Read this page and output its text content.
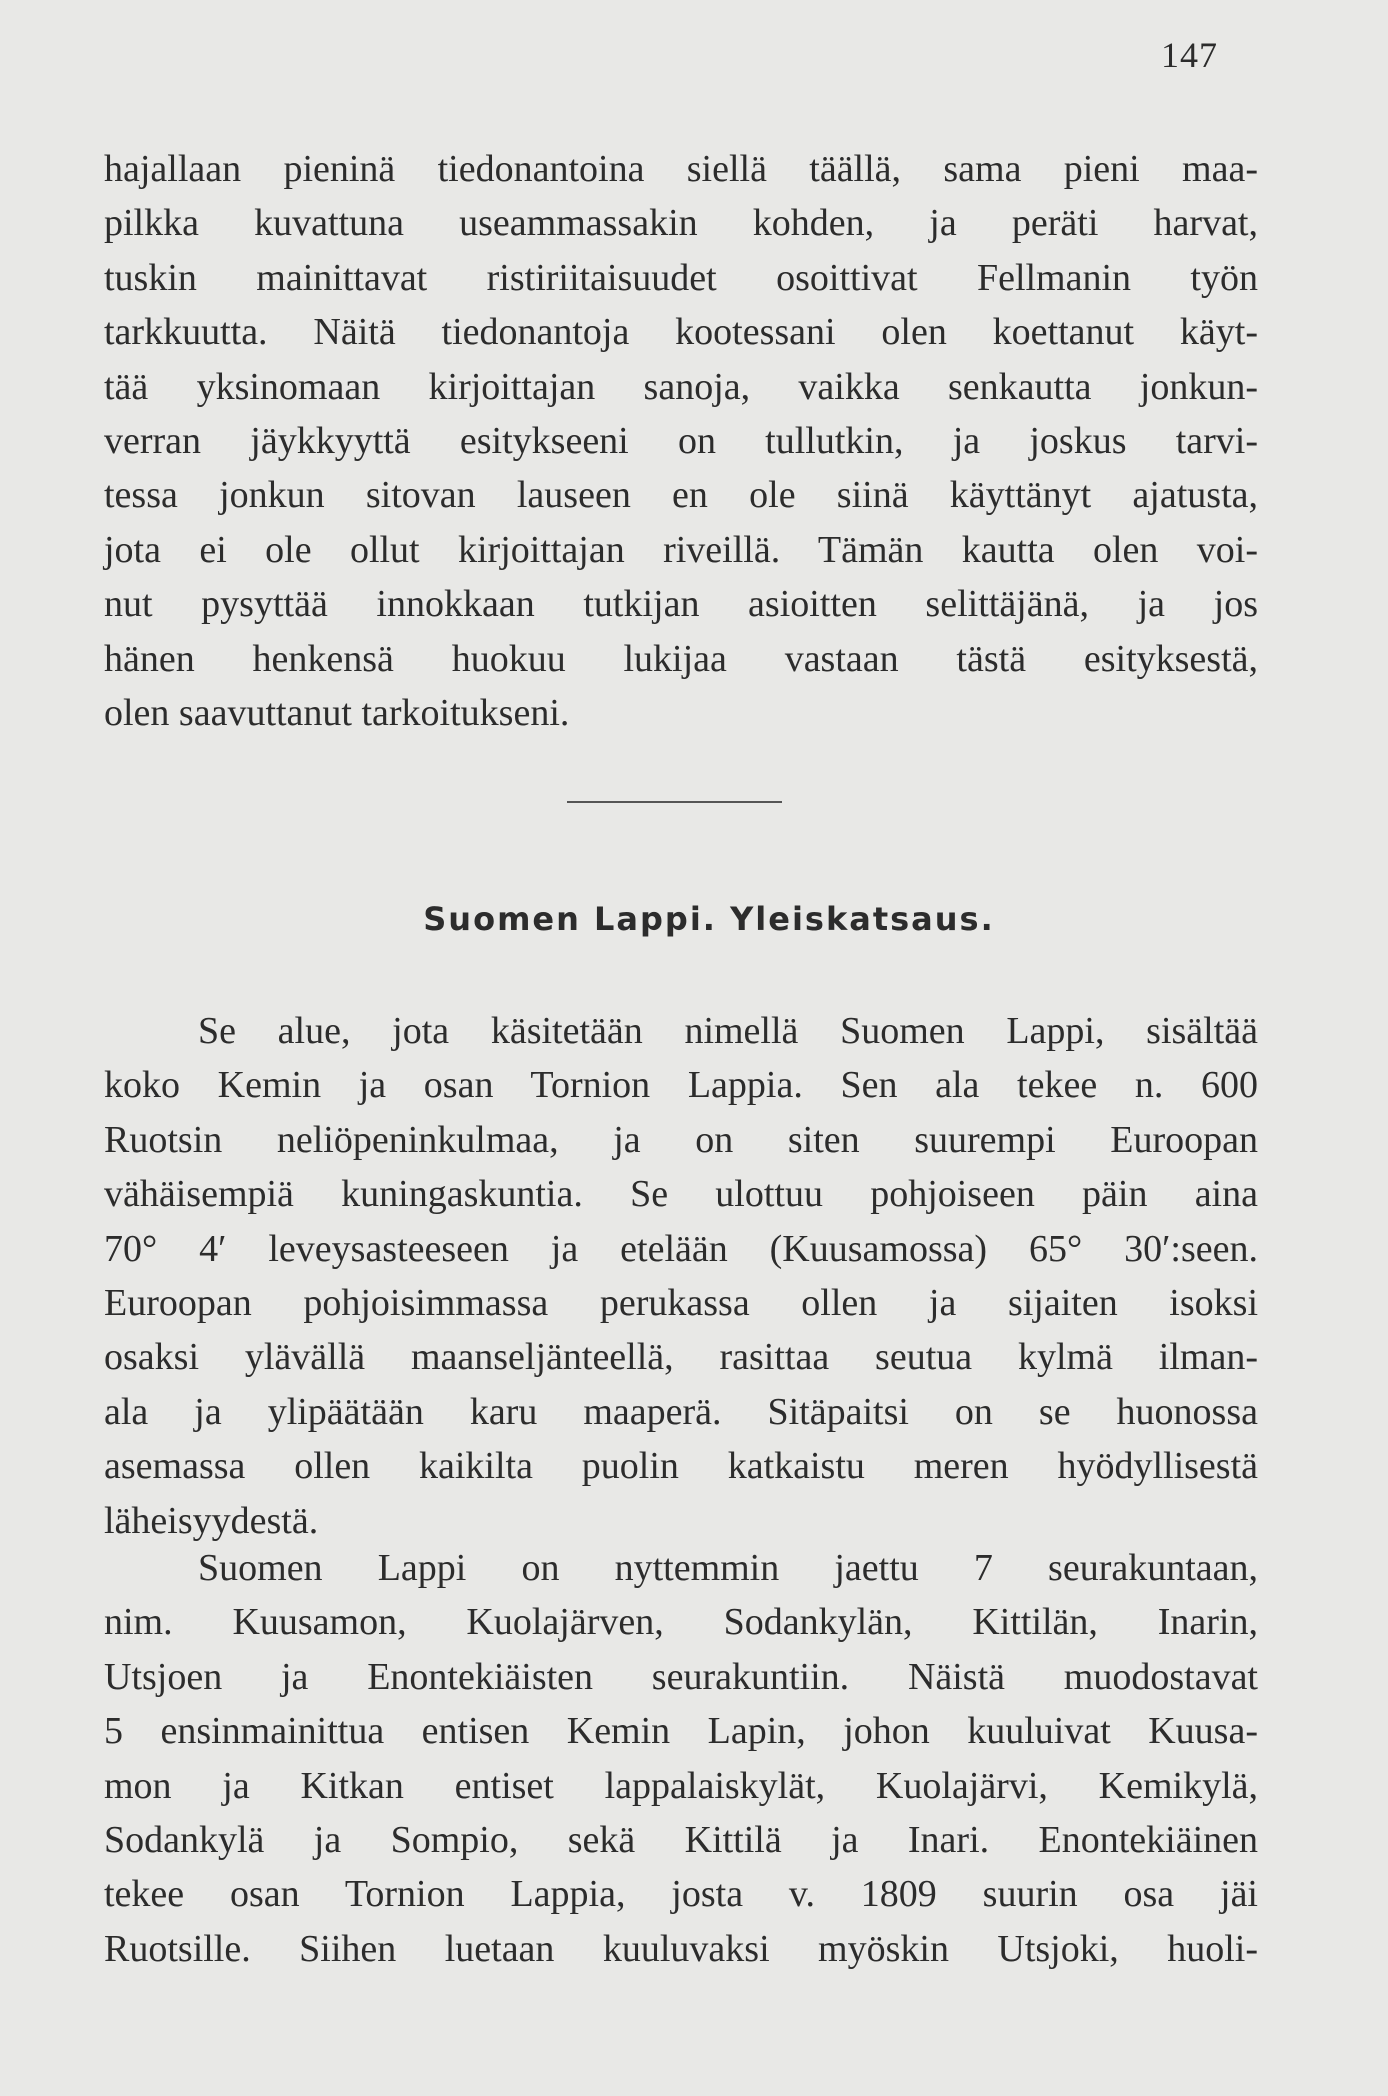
147
hajallaan pieninä tiedonantoina siellä täällä, sama pieni maa-
pilkka kuvattuna useammassakin kohden, ja peräti harvat,
tuskin mainittavat ristiriitaisuudet osoittivat Fellmanin työn
tarkkuutta. Näitä tiedonantoja kootessani olen koettanut käyt-
tää yksinomaan kirjoittajan sanoja, vaikka senkautta jonkun-
verran jäykkyyttä esitykseeni on tullutkin, ja joskus tarvi-
tessa jonkun sitovan lauseen en ole siinä käyttänyt ajatusta,
jota ei ole ollut kirjoittajan riveillä. Tämän kautta olen voi-
nut pysyttää innokkaan tutkijan asioitten selittäjänä, ja jos
hänen henkensä huokuu lukijaa vastaan tästä esityksestä,
olen saavuttanut tarkoitukseni.
Suomen Lappi. Yleiskatsaus.
Se alue, jota käsitetään nimellä Suomen Lappi, sisältää
koko Kemin ja osan Tornion Lappia. Sen ala tekee n. 600
Ruotsin neliöpeninkulmaa, ja on siten suurempi Euroopan
vähäisempiä kuningaskuntia. Se ulottuu pohjoiseen päin aina
70° 4′ leveysasteeseen ja etelään (Kuusamossa) 65° 30′:seen.
Euroopan pohjoisimmassa perukassa ollen ja sijaiten isoksi
osaksi ylävällä maanseljänteellä, rasittaa seutua kylmä ilman-
ala ja ylipäätään karu maaperä. Sitäpaitsi on se huonossa
asemassa ollen kaikilta puolin katkaistu meren hyödyllisestä
läheisyydestä.
Suomen Lappi on nyttemmin jaettu 7 seurakuntaan,
nim. Kuusamon, Kuolajärven, Sodankylän, Kittilän, Inarin,
Utsjoen ja Enontekiäisten seurakuntiin. Näistä muodostavat
5 ensinmainittua entisen Kemin Lapin, johon kuuluivat Kuusa-
mon ja Kitkan entiset lappalaiskylät, Kuolajärvi, Kemikylä,
Sodankylä ja Sompio, sekä Kittilä ja Inari. Enontekiäinen
tekee osan Tornion Lappia, josta v. 1809 suurin osa jäi
Ruotsille. Siihen luetaan kuuluvaksi myöskin Utsjoki, huoli-
